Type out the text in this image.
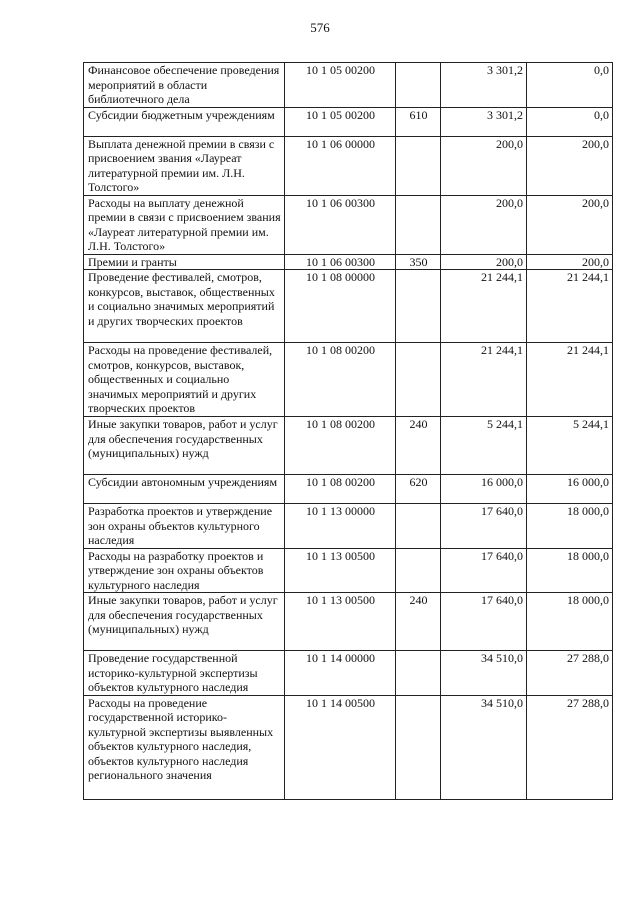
576
Финансовое обеспечение проведения мероприятий в области библиотечного дела	10 1 05 00200		3 301,2	0,0
Субсидии бюджетным учреждениям	10 1 05 00200	610	3 301,2	0,0
Выплата денежной премии в связи с присвоением звания «Лауреат литературной премии им. Л.Н. Толстого»	10 1 06 00000		200,0	200,0
Расходы на выплату денежной премии в связи с присвоением звания «Лауреат литературной премии им. Л.Н. Толстого»	10 1 06 00300		200,0	200,0
Премии и гранты	10 1 06 00300	350	200,0	200,0
Проведение фестивалей, смотров, конкурсов, выставок, общественных и социально значимых мероприятий и других творческих проектов	10 1 08 00000		21 244,1	21 244,1
Расходы на проведение фестивалей, смотров, конкурсов, выставок, общественных и социально значимых мероприятий и других творческих проектов	10 1 08 00200		21 244,1	21 244,1
Иные закупки товаров, работ и услуг для обеспечения государственных (муниципальных) нужд	10 1 08 00200	240	5 244,1	5 244,1
Субсидии автономным учреждениям	10 1 08 00200	620	16 000,0	16 000,0
Разработка проектов и утверждение зон охраны объектов культурного наследия	10 1 13 00000		17 640,0	18 000,0
Расходы на разработку проектов и утверждение зон охраны объектов культурного наследия	10 1 13 00500		17 640,0	18 000,0
Иные закупки товаров, работ и услуг для обеспечения государственных (муниципальных) нужд	10 1 13 00500	240	17 640,0	18 000,0
Проведение государственной историко-культурной экспертизы объектов культурного наследия	10 1 14 00000		34 510,0	27 288,0
Расходы на проведение государственной историко-культурной экспертизы выявленных объектов культурного наследия, объектов культурного наследия регионального значения	10 1 14 00500		34 510,0	27 288,0
